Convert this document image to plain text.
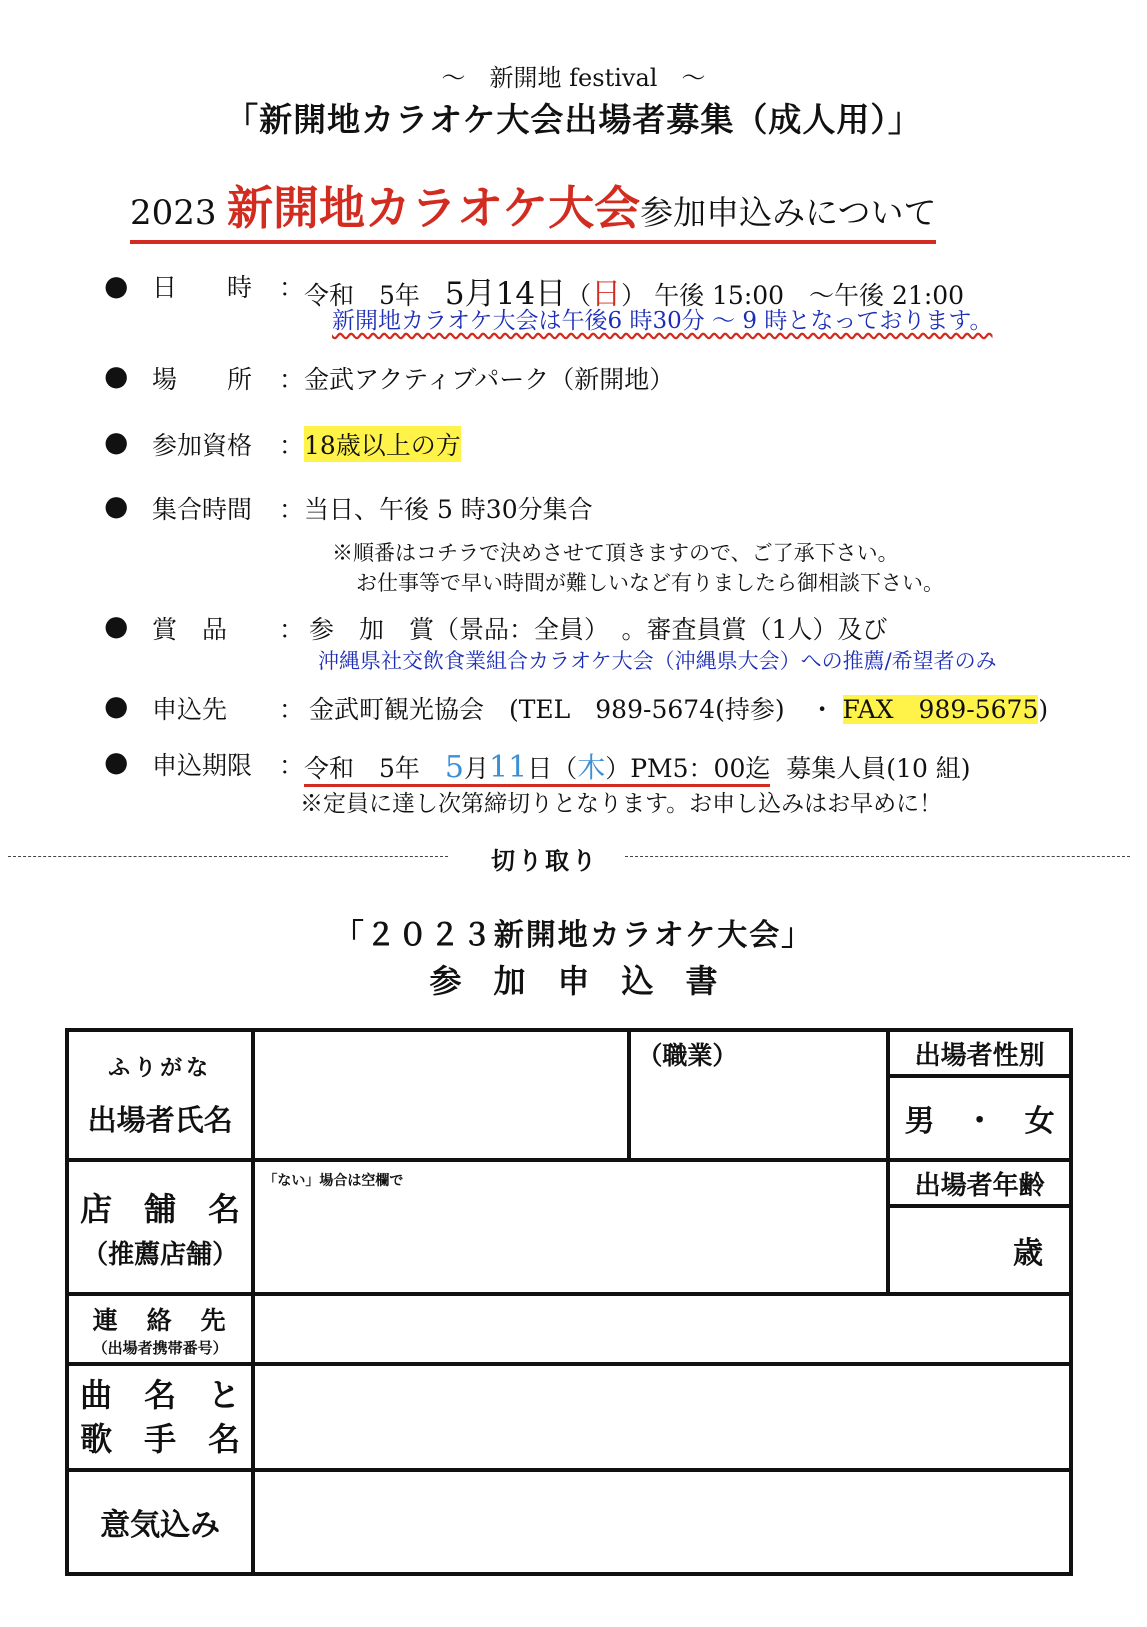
～　新開地 festival　～
「新開地カラオケ大会出場者募集（成人用）」
2023 新開地カラオケ大会参加申込みについて
● 日　　時 ： 令和　5年　5月14日（日） 午後 15:00　～午後 21:00
新開地カラオケ大会は午後6 時30分 ～ 9 時となっております。
● 場　　所 ： 金武アクティブパーク（新開地）
● 参加資格 ： 18歳以上の方
● 集合時間 ： 当日、午後 5 時30分集合
※順番はコチラで決めさせて頂きますので、ご了承下さい。
お仕事等で早い時間が難しいなど有りましたら御相談下さい。
● 賞　品 ： 参　加　賞（景品：全員）　。審査員賞（1人）及び
沖縄県社交飲食業組合カラオケ大会（沖縄県大会）への推薦/希望者のみ
● 申込先 ： 金武町観光協会　(TEL　989-5674(持参)　・ FAX　989-5675)
● 申込期限 ： 令和　5年　5月11日（木）PM5：00迄 募集人員(10 組)
※定員に達し次第締切りとなります。お申し込みはお早めに！
切り取り
「２０２３新開地カラオケ大会」
参　加　申　込　書
ふりがな
出場者氏名		（職業）	出場者性別
			男　・　女

店　舗　名
（推薦店舗）	「ない」場合は空欄で		出場者年齢
			歳

連　絡　先
（出場者携帯番号）			

曲　名　と
歌　手　名			

意気込み			
